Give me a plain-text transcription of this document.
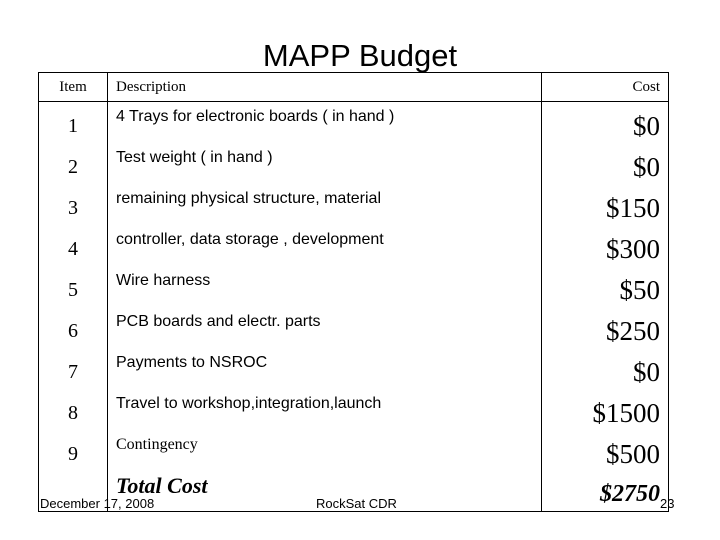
MAPP Budget
Item	Description	Cost
1	4 Trays for electronic boards ( in hand )	$0
2	Test weight ( in hand )	$0
3	remaining physical structure, material	$150
4	controller, data storage , development	$300
5	Wire harness	$50
6	PCB boards and electr. parts	$250
7	Payments to NSROC	$0
8	Travel to workshop,integration,launch	$1500
9	Contingency	$500
	Total Cost	$2750
December 17, 2008	RockSat CDR	23
